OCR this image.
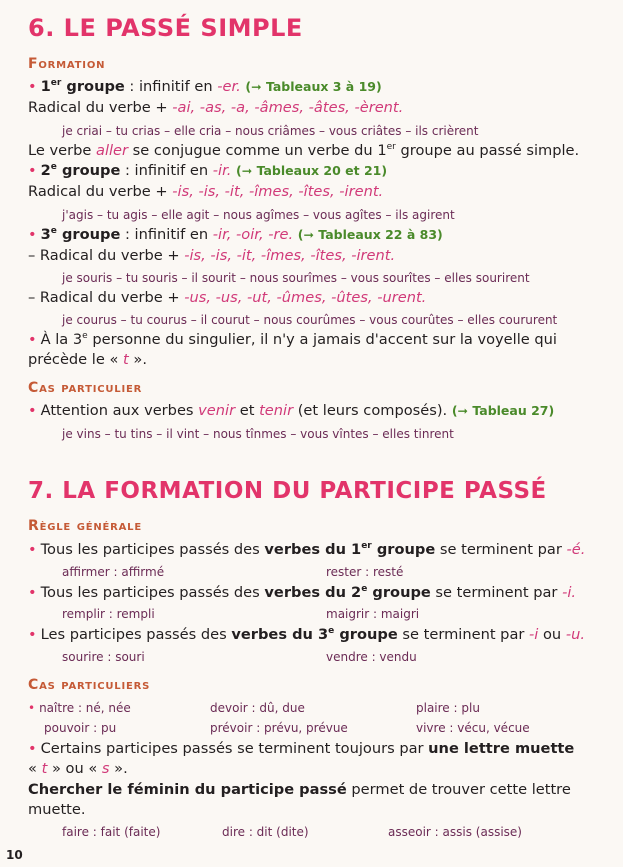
6. LE PASSÉ SIMPLE
Formation
• 1er groupe : infinitif en -er. (➞ Tableaux 3 à 19)
Radical du verbe + -ai, -as, -a, -âmes, -âtes, -èrent.
je criai – tu crias – elle cria – nous criâmes – vous criâtes – ils crièrent
Le verbe aller se conjugue comme un verbe du 1er groupe au passé simple.
• 2e groupe : infinitif en -ir. (➞ Tableaux 20 et 21)
Radical du verbe + -is, -is, -it, -îmes, -îtes, -irent.
j'agis – tu agis – elle agit – nous agîmes – vous agîtes – ils agirent
• 3e groupe : infinitif en -ir, -oir, -re. (➞ Tableaux 22 à 83)
– Radical du verbe + -is, -is, -it, -îmes, -îtes, -irent.
je souris – tu souris – il sourit – nous sourîmes – vous sourîtes – elles sourirent
– Radical du verbe + -us, -us, -ut, -ûmes, -ûtes, -urent.
je courus – tu courus – il courut – nous courûmes – vous courûtes – elles coururent
• À la 3e personne du singulier, il n'y a jamais d'accent sur la voyelle qui
précède le « t ».
Cas particulier
• Attention aux verbes venir et tenir (et leurs composés). (➞ Tableau 27)
je vins – tu tins – il vint – nous tînmes – vous vîntes – elles tinrent
7. LA FORMATION DU PARTICIPE PASSÉ
Règle générale
• Tous les participes passés des verbes du 1er groupe se terminent par -é.
affirmer : affirmé	rester : resté
• Tous les participes passés des verbes du 2e groupe se terminent par -i.
remplir : rempli	maigrir : maigri
• Les participes passés des verbes du 3e groupe se terminent par -i ou -u.
sourire : souri	vendre : vendu
Cas particuliers
• naître : né, née	devoir : dû, due	plaire : plu
pouvoir : pu	prévoir : prévu, prévue	vivre : vécu, vécue
• Certains participes passés se terminent toujours par une lettre muette
« t » ou « s ».
Chercher le féminin du participe passé permet de trouver cette lettre
muette.
faire : fait (faite)	dire : dit (dite)	asseoir : assis (assise)
10
